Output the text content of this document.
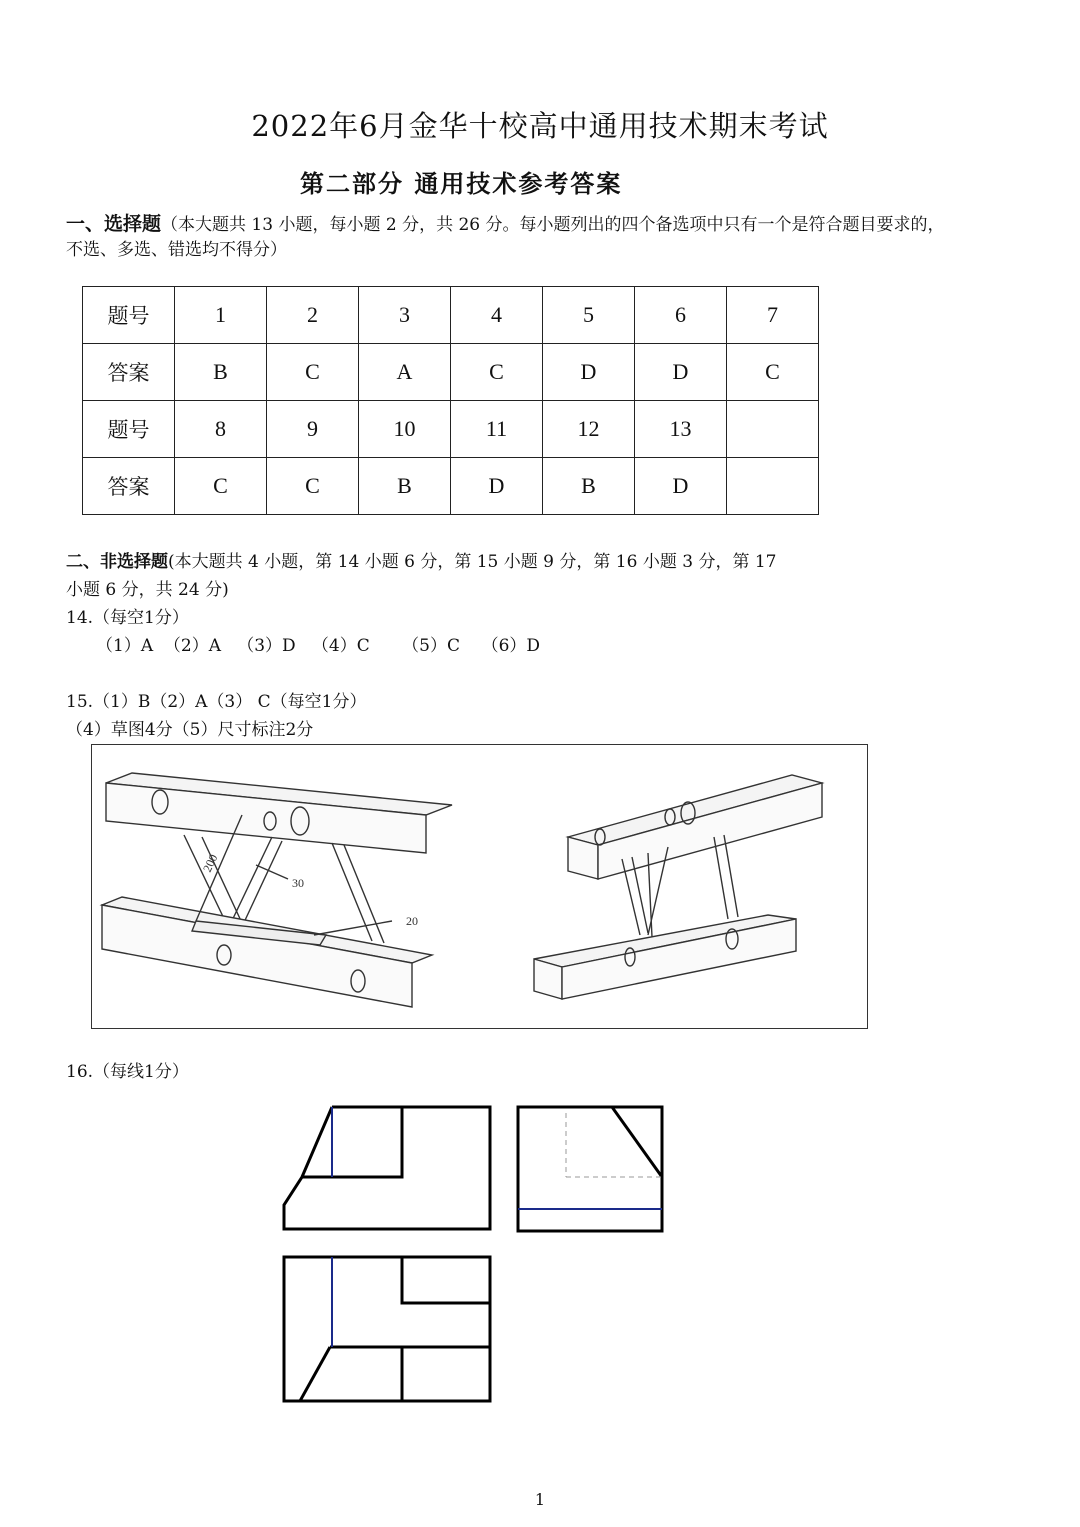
2022年6月金华十校高中通用技术期末考试
第二部分 通用技术参考答案
一、选择题（本大题共 13 小题，每小题 2 分，共 26 分。每小题列出的四个备选项中只有一个是符合题目要求的，
不选、多选、错选均不得分）
题号	1	2	3	4	5	6	7
答案	B	C	A	C	D	D	C
题号	8	9	10	11	12	13	
答案	C	C	B	D	B	D	
二、非选择题(本大题共 4 小题，第 14 小题 6 分，第 15 小题 9 分，第 16 小题 3 分，第 17
小题 6 分，共 24 分)
14.（每空1分）
（1）A （2）A （3）D （4）C （5）C （6）D
15.（1）B（2）A（3） C（每空1分）
（4）草图4分（5）尺寸标注2分
200
30
20
16.（每线1分）
1
